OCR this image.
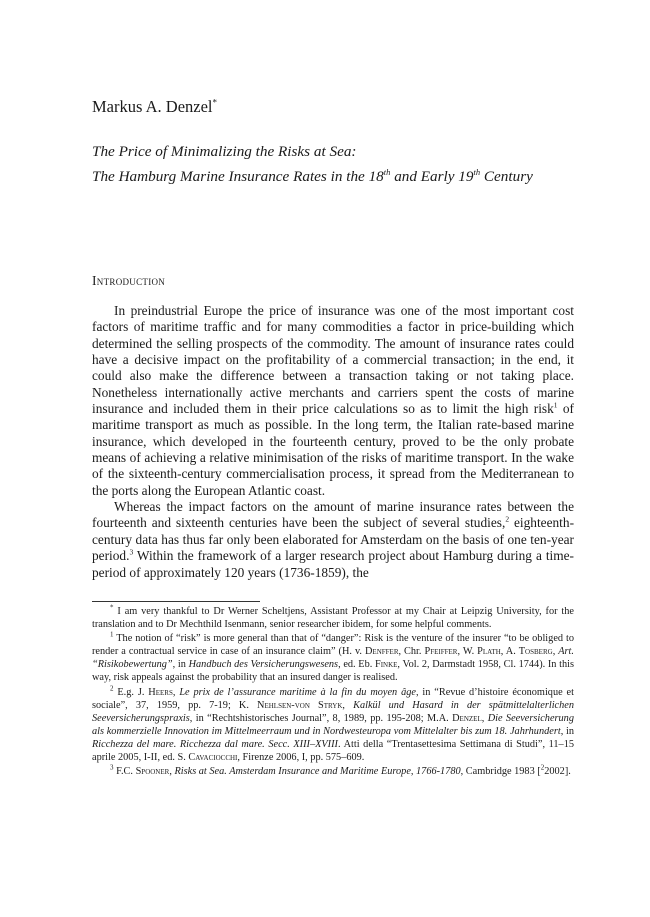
Markus A. Denzel*
The Price of Minimalizing the Risks at Sea:
The Hamburg Marine Insurance Rates in the 18th and Early 19th Century
Introduction

In preindustrial Europe the price of insurance was one of the most important cost factors of maritime traffic and for many commodities a factor in price-building which determined the selling prospects of the commodity. The amount of insurance rates could have a decisive impact on the profitability of a commercial transaction; in the end, it could also make the difference between a transaction taking or not taking place. Nonetheless internationally active merchants and carriers spent the costs of marine insurance and included them in their price calculations so as to limit the high risk$^1$ of maritime transport as much as possible. In the long term, the Italian rate-based marine insurance, which developed in the fourteenth century, proved to be the only probate means of achieving a relative minimisation of the risks of maritime transport. In the wake of the sixteenth-century commercialisation process, it spread from the Mediterranean to the ports along the European Atlantic coast.

Whereas the impact factors on the amount of marine insurance rates between the fourteenth and sixteenth centuries have been the subject of several studies,$^2$ eighteenth-century data has thus far only been elaborated for Amsterdam on the basis of one ten-year period.$^3$ Within the framework of a larger research project about Hamburg during a time-period of approximately 120 years (1736-1859), the

* I am very thankful to Dr Werner Scheltjens, Assistant Professor at my Chair at Leipzig University, for the translation and to Dr Mechthild Isenmann, senior researcher ibidem, for some helpful comments.

$^1$ The notion of “risk” is more general than that of “danger”: Risk is the venture of the insurer “to be obliged to render a contractual service in case of an insurance claim” (H. v. Denffer, Chr. Pfeiffer, W. Plath, A. Tosberg, Art. “Risikobewertung”, in Handbuch des Versicherungswesens, ed. Eb. Finke, Vol. 2, Darmstadt 1958, Cl. 1744). In this way, risk appeals against the probability that an insured danger is realised.

$^2$ E.g. J. Heers, Le prix de l’assurance maritime à la fin du moyen âge, in “Revue d’histoire économique et sociale”, 37, 1959, pp. 7-19; K. Nehlsen-von Stryk, Kalkül und Hasard in der spätmittelalterlichen Seeversicherungspraxis, in “Rechtshistorisches Journal”, 8, 1989, pp. 195-208; M.A. Denzel, Die Seeversicherung als kommerzielle Innovation im Mittelmeerraum und in Nordwesteuropa vom Mittelalter bis zum 18. Jahrhundert, in Ricchezza del mare. Ricchezza dal mare. Secc. XIII–XVIII. Atti della “Trentasettesima Settimana di Studi”, 11–15 aprile 2005, I-II, ed. S. Cavaciocchi, Firenze 2006, I, pp. 575–609.

$^3$ F.C. Spooner, Risks at Sea. Amsterdam Insurance and Maritime Europe, 1766-1780, Cambridge 1983 [$^2$2002].
